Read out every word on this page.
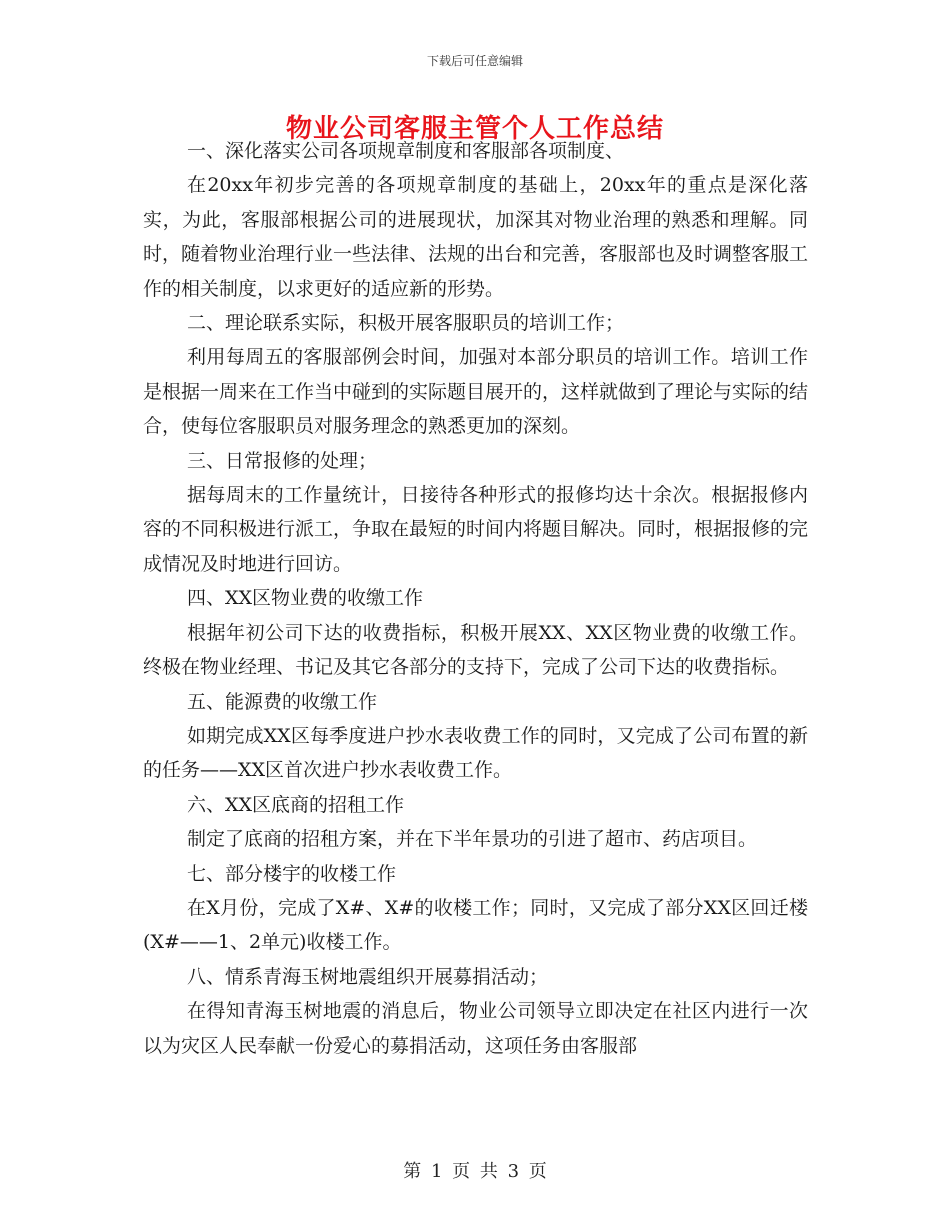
下载后可任意编辑
物业公司客服主管个人工作总结

一、深化落实公司各项规章制度和客服部各项制度、

在20xx年初步完善的各项规章制度的基础上，20xx年的重点是深化落实，为此，客服部根据公司的进展现状，加深其对物业治理的熟悉和理解。同时，随着物业治理行业一些法律、法规的出台和完善，客服部也及时调整客服工作的相关制度，以求更好的适应新的形势。

二、理论联系实际，积极开展客服职员的培训工作；

利用每周五的客服部例会时间，加强对本部分职员的培训工作。培训工作是根据一周来在工作当中碰到的实际题目展开的，这样就做到了理论与实际的结合，使每位客服职员对服务理念的熟悉更加的深刻。

三、日常报修的处理；

据每周末的工作量统计，日接待各种形式的报修均达十余次。根据报修内容的不同积极进行派工，争取在最短的时间内将题目解决。同时，根据报修的完成情况及时地进行回访。

四、XX区物业费的收缴工作

根据年初公司下达的收费指标，积极开展XX、XX区物业费的收缴工作。终极在物业经理、书记及其它各部分的支持下，完成了公司下达的收费指标。

五、能源费的收缴工作

如期完成XX区每季度进户抄水表收费工作的同时，又完成了公司布置的新的任务——XX区首次进户抄水表收费工作。

六、XX区底商的招租工作

制定了底商的招租方案，并在下半年景功的引进了超市、药店项目。

七、部分楼宇的收楼工作

在X月份，完成了X#、X#的收楼工作；同时，又完成了部分XX区回迁楼(X#——1、2单元)收楼工作。

八、情系青海玉树地震组织开展募捐活动；

在得知青海玉树地震的消息后，物业公司领导立即决定在社区内进行一次以为灾区人民奉献一份爱心的募捐活动，这项任务由客服部

第 1 页 共 3 页
